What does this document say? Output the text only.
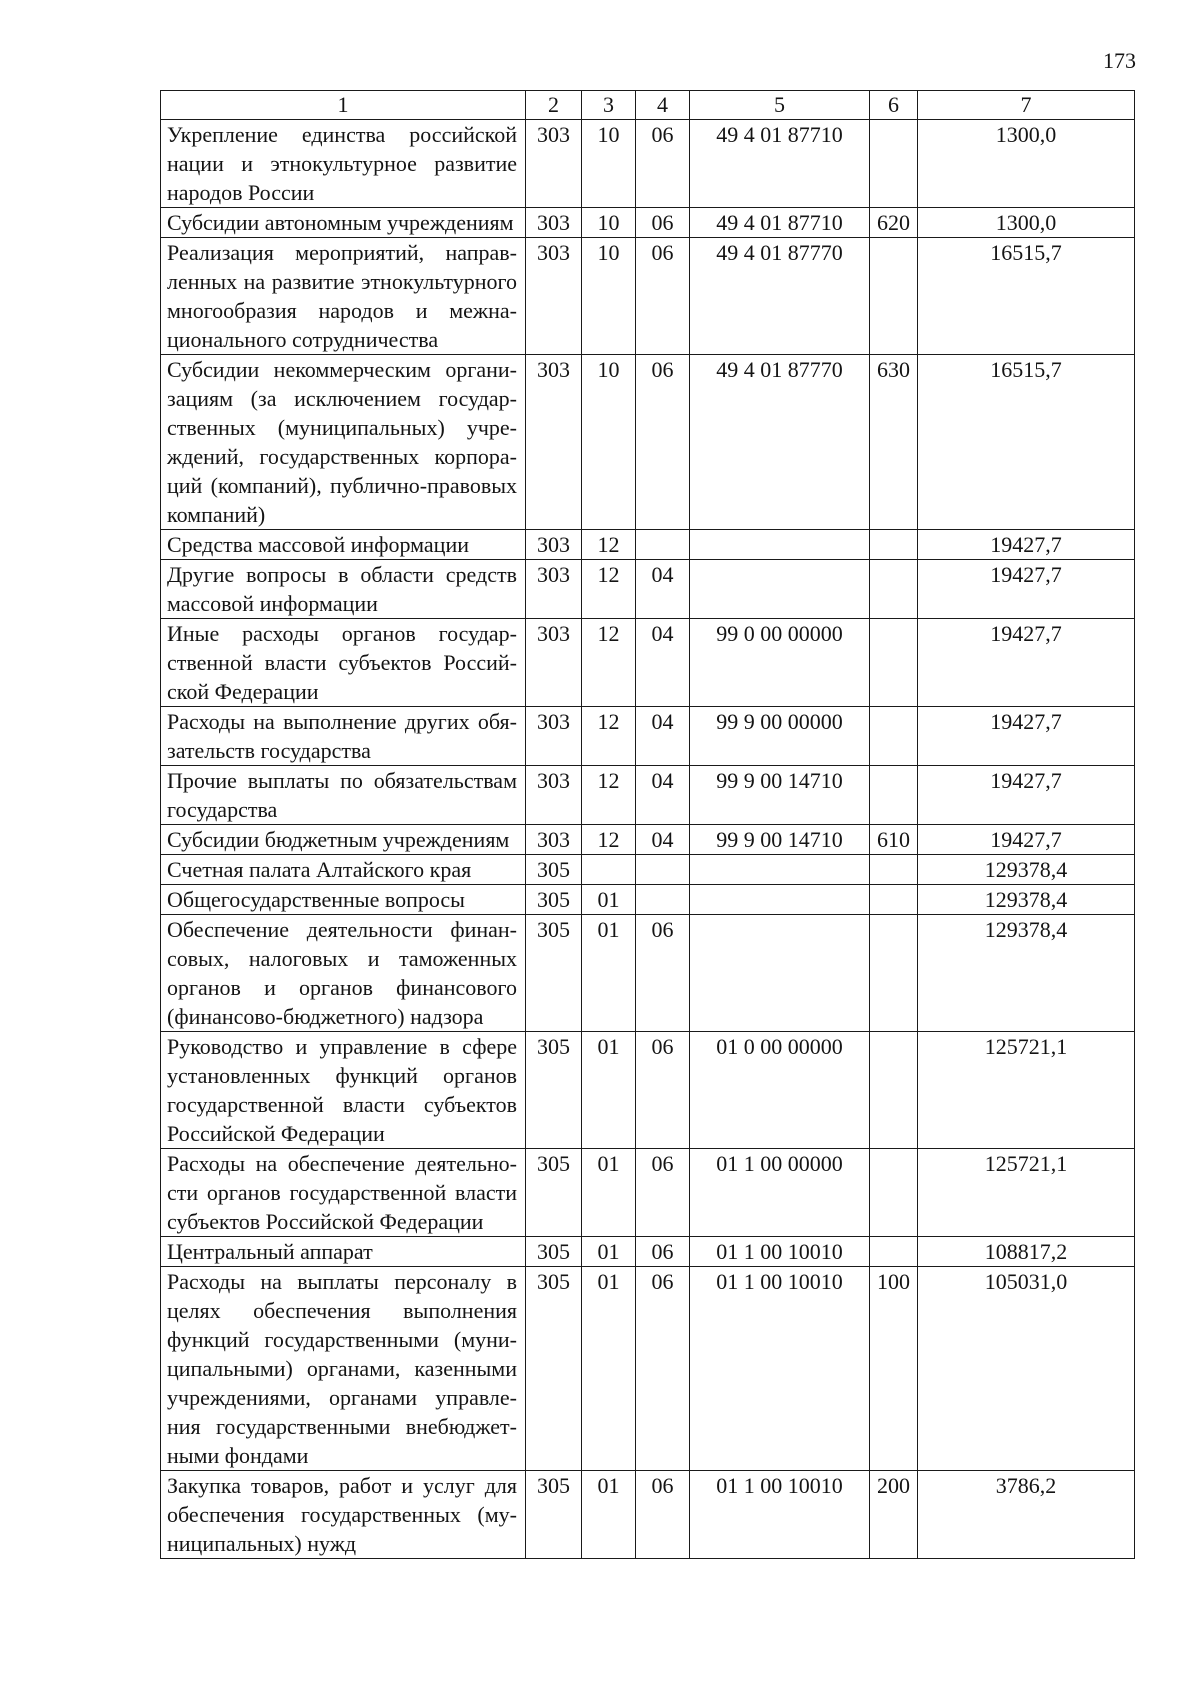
173
1	2	3	4	5	6	7
Укрепление единства российской нации и этнокультурное развитие народов России	303	10	06	49 4 01 87710		1300,0
Субсидии автономным учреждениям	303	10	06	49 4 01 87710	620	1300,0
Реализация мероприятий, направленных на развитие этнокультурного многообразия народов и межнационального сотрудничества	303	10	06	49 4 01 87770		16515,7
Субсидии некоммерческим организациям (за исключением государственных (муниципальных) учреждений, государственных корпораций (компаний), публично-правовых компаний)	303	10	06	49 4 01 87770	630	16515,7
Средства массовой информации	303	12				19427,7
Другие вопросы в области средств массовой информации	303	12	04			19427,7
Иные расходы органов государственной власти субъектов Российской Федерации	303	12	04	99 0 00 00000		19427,7
Расходы на выполнение других обязательств государства	303	12	04	99 9 00 00000		19427,7
Прочие выплаты по обязательствам государства	303	12	04	99 9 00 14710		19427,7
Субсидии бюджетным учреждениям	303	12	04	99 9 00 14710	610	19427,7
Счетная палата Алтайского края	305					129378,4
Общегосударственные вопросы	305	01				129378,4
Обеспечение деятельности финансовых, налоговых и таможенных органов и органов финансового (финансово-бюджетного) надзора	305	01	06			129378,4
Руководство и управление в сфере установленных функций органов государственной власти субъектов Российской Федерации	305	01	06	01 0 00 00000		125721,1
Расходы на обеспечение деятельности органов государственной власти субъектов Российской Федерации	305	01	06	01 1 00 00000		125721,1
Центральный аппарат	305	01	06	01 1 00 10010		108817,2
Расходы на выплаты персоналу в целях обеспечения выполнения функций государственными (муниципальными) органами, казенными учреждениями, органами управления государственными внебюджетными фондами	305	01	06	01 1 00 10010	100	105031,0
Закупка товаров, работ и услуг для обеспечения государственных (муниципальных) нужд	305	01	06	01 1 00 10010	200	3786,2
